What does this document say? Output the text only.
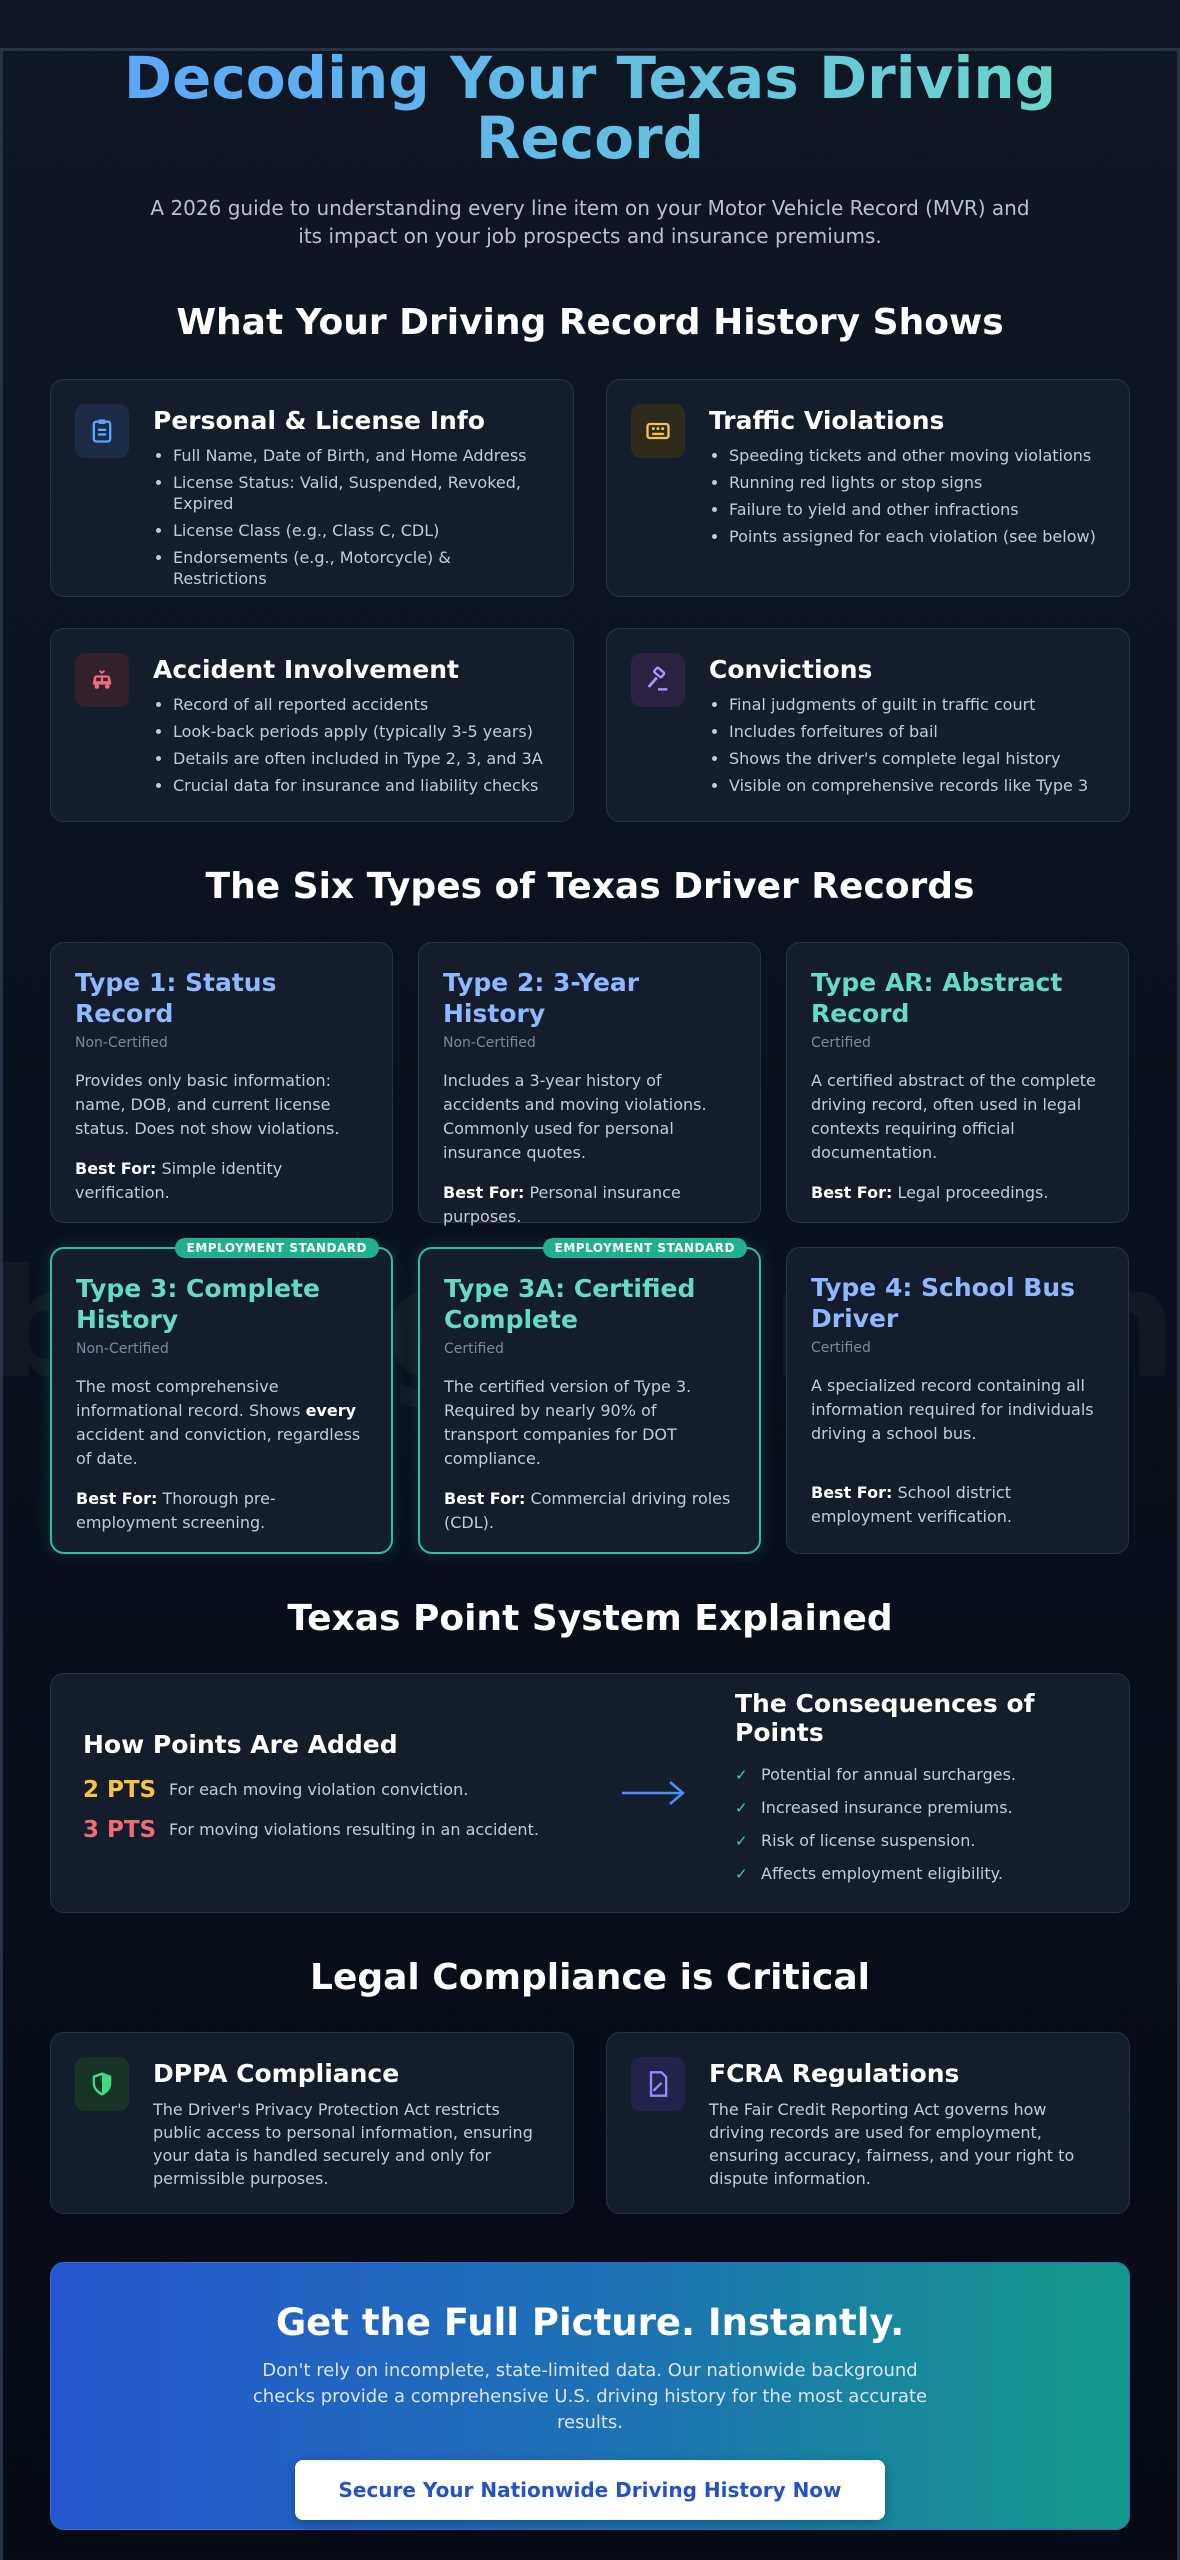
Decoding Your Texas Driving Record

A 2026 guide to understanding every line item on your Motor Vehicle Record (MVR) and its impact on your job prospects and insurance premiums.

What Your Driving Record History Shows
Personal & License Info
• Full Name, Date of Birth, and Home Address
• License Status: Valid, Suspended, Revoked, Expired
• License Class (e.g., Class C, CDL)
• Endorsements (e.g., Motorcycle) & Restrictions
Traffic Violations
• Speeding tickets and other moving violations
• Running red lights or stop signs
• Failure to yield and other infractions
• Points assigned for each violation (see below)
Accident Involvement
• Record of all reported accidents
• Look-back periods apply (typically 3-5 years)
• Details are often included in Type 2, 3, and 3A
• Crucial data for insurance and liability checks
Convictions
• Final judgments of guilt in traffic court
• Includes forfeitures of bail
• Shows the driver's complete legal history
• Visible on comprehensive records like Type 3
The Six Types of Texas Driver Records
Type 1: Status Record
Non-Certified

Provides only basic information: name, DOB, and current license status. Does not show violations.

Best For: Simple identity verification.

Type 2: 3-Year History
Non-Certified

Includes a 3-year history of accidents and moving violations. Commonly used for personal insurance quotes.

Best For: Personal insurance purposes.

Type AR: Abstract Record
Certified

A certified abstract of the complete driving record, often used in legal contexts requiring official documentation.

Best For: Legal proceedings.

EMPLOYMENT STANDARD
Type 3: Complete History
Non-Certified

The most comprehensive informational record. Shows every accident and conviction, regardless of date.

Best For: Thorough pre-employment screening.

EMPLOYMENT STANDARD
Type 3A: Certified Complete
Certified

The certified version of Type 3. Required by nearly 90% of transport companies for DOT compliance.

Best For: Commercial driving roles (CDL).

Type 4: School Bus Driver
Certified

A specialized record containing all information required for individuals driving a school bus.

Best For: School district employment verification.

Texas Point System Explained
How Points Are Added
2 PTS For each moving violation conviction.
3 PTS For moving violations resulting in an accident.
The Consequences of Points
✓ Potential for annual surcharges.
✓ Increased insurance premiums.
✓ Risk of license suspension.
✓ Affects employment eligibility.
Legal Compliance is Critical
DPPA Compliance

The Driver's Privacy Protection Act restricts public access to personal information, ensuring your data is handled securely and only for permissible purposes.

FCRA Regulations

The Fair Credit Reporting Act governs how driving records are used for employment, ensuring accuracy, fairness, and your right to dispute information.

Get the Full Picture. Instantly.

Don't rely on incomplete, state-limited data. Our nationwide background checks provide a comprehensive U.S. driving history for the most accurate results.

Secure Your Nationwide Driving History Now
